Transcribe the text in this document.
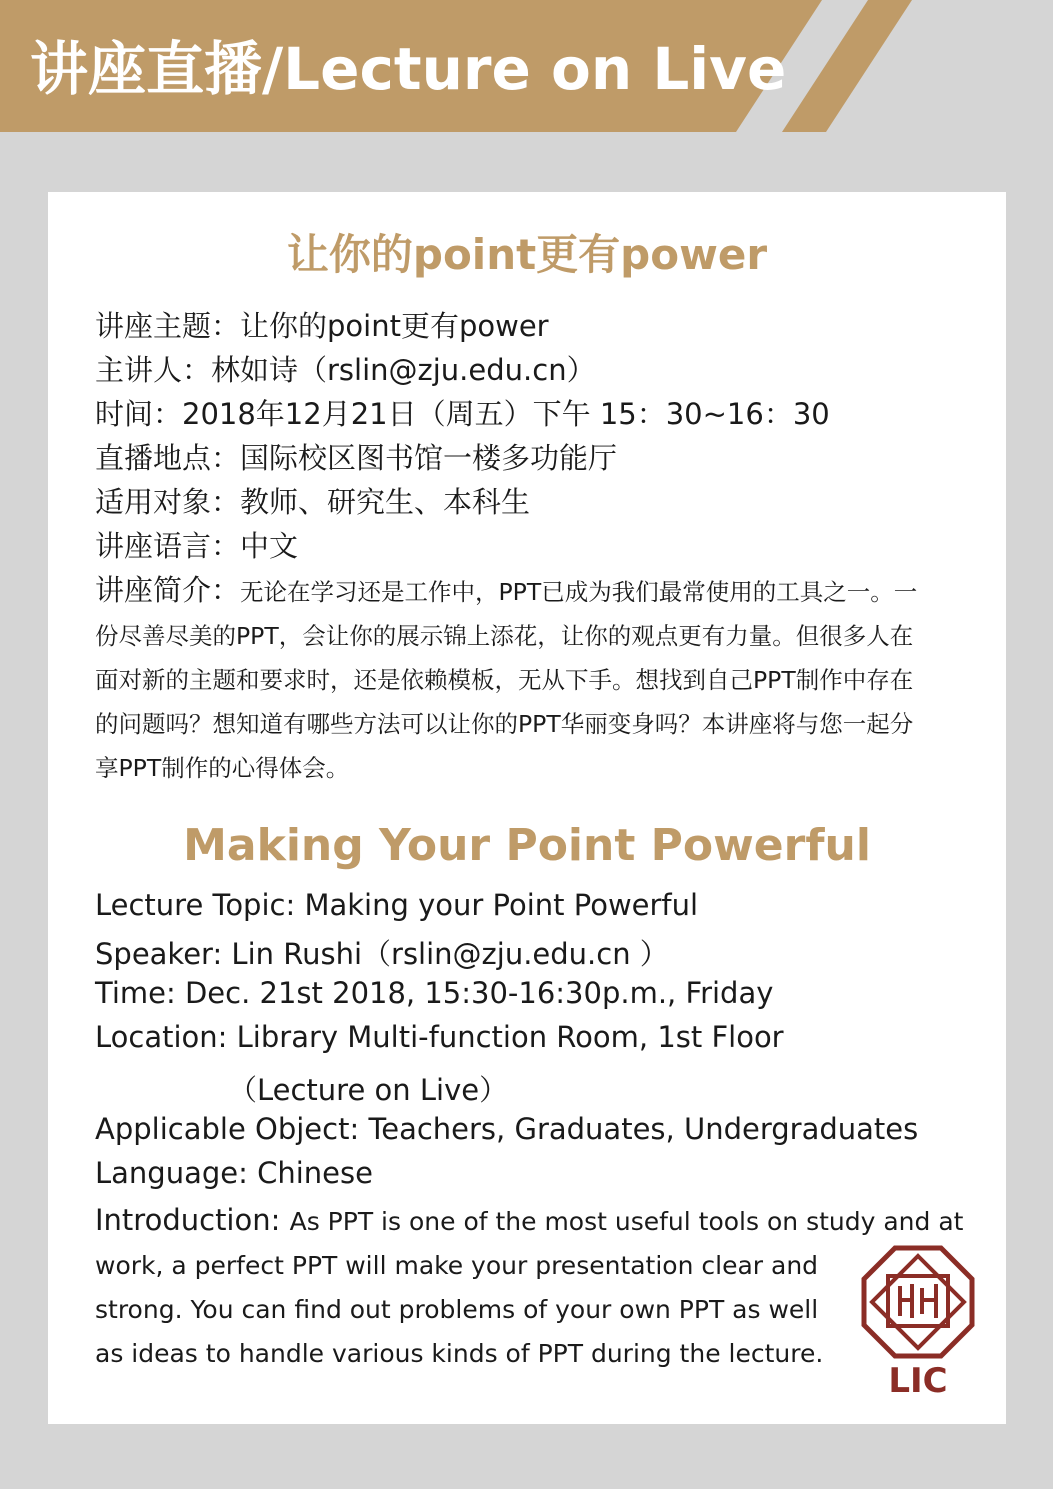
讲座直播/Lecture on Live
让你的point更有power
讲座主题：让你的point更有power
主讲人：林如诗（rslin@zju.edu.cn）
时间：2018年12月21日（周五）下午 15：30~16：30
直播地点：国际校区图书馆一楼多功能厅
适用对象：教师、研究生、本科生
讲座语言：中文
讲座简介：无论在学习还是工作中，PPT已成为我们最常使用的工具之一。一
份尽善尽美的PPT，会让你的展示锦上添花，让你的观点更有力量。但很多人在
面对新的主题和要求时，还是依赖模板，无从下手。想找到自己PPT制作中存在
的问题吗？想知道有哪些方法可以让你的PPT华丽变身吗？本讲座将与您一起分
享PPT制作的心得体会。
Making Your Point Powerful
Lecture Topic: Making your Point Powerful
Speaker: Lin Rushi（rslin@zju.edu.cn ）
Time: Dec. 21st 2018, 15:30-16:30p.m., Friday
Location: Library Multi-function Room, 1st Floor
（Lecture on Live）
Applicable Object: Teachers, Graduates, Undergraduates
Language: Chinese
Introduction: As PPT is one of the most useful tools on study and at
work, a perfect PPT will make your presentation clear and
strong. You can find out problems of your own PPT as well
as ideas to handle various kinds of PPT during the lecture.
LIC
